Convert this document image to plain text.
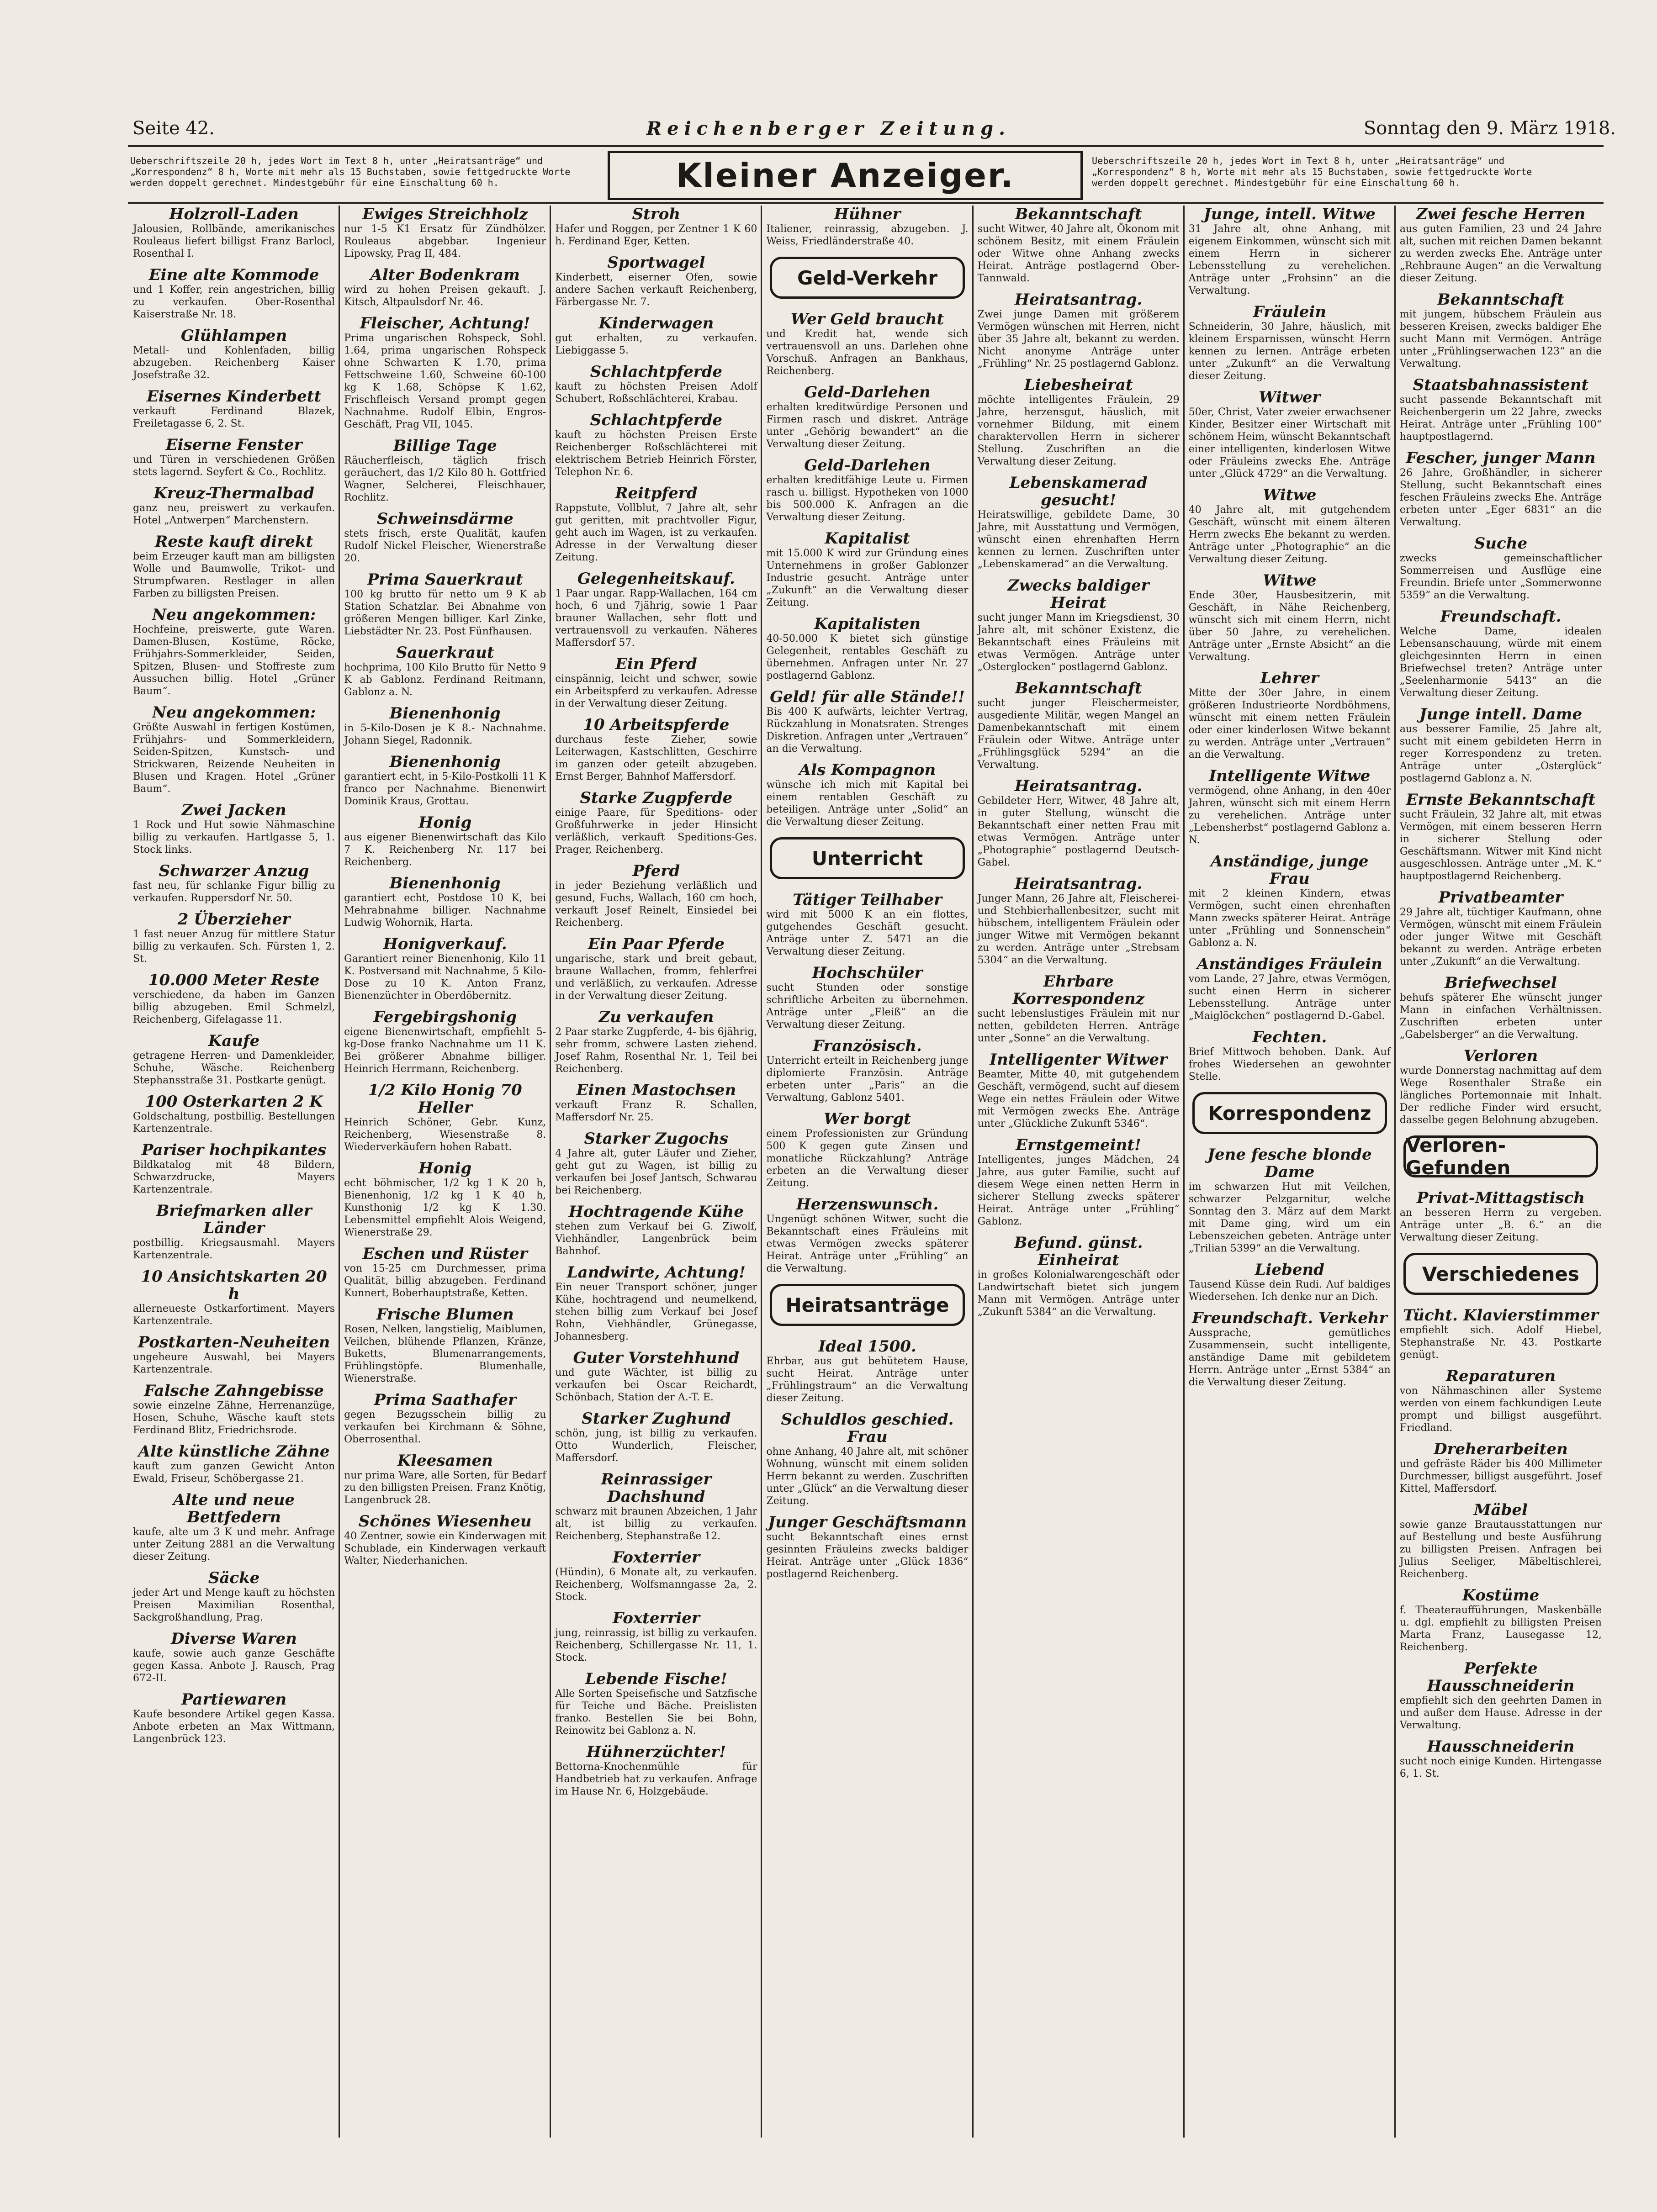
Seite 42.	Reichenberger Zeitung.	Sonntag den 9. März 1918.
Ueberschriftszeile 20 h, jedes Wort im Text 8 h, unter „Heiratsanträge“ und „Korrespondenz“ 8 h, Worte mit mehr als 15 Buchstaben, sowie fettgedruckte Worte werden doppelt gerechnet. Mindestgebühr für eine Einschaltung 60 h.	Kleiner Anzeiger.	Ueberschriftszeile 20 h, jedes Wort im Text 8 h, unter „Heiratsanträge“ und „Korrespondenz“ 8 h, Worte mit mehr als 15 Buchstaben, sowie fettgedruckte Worte werden doppelt gerechnet. Mindestgebühr für eine Einschaltung 60 h.
Holzroll-Laden
Jalousien, Rollbände, amerikanisches Rouleaus liefert billigst Franz Barlocl, Rosenthal I.
Eine alte Kommode
und 1 Koffer, rein angestrichen, billig zu verkaufen. Ober-Rosenthal Kaiserstraße Nr. 18.
Glühlampen
Metall- und Kohlenfaden, billig abzugeben. Reichenberg Kaiser Josefstraße 32.
Eisernes Kinderbett
verkauft Ferdinand Blazek, Freiletagasse 6, 2. St.
Eiserne Fenster
und Türen in verschiedenen Größen stets lagernd. Seyfert & Co., Rochlitz.
Kreuz-Thermalbad
ganz neu, preiswert zu verkaufen. Hotel „Antwerpen“ Marchenstern.
Reste kauft direkt
beim Erzeuger kauft man am billigsten Wolle und Baumwolle, Trikot- und Strumpfwaren. Restlager in allen Farben zu billigsten Preisen.
Neu angekommen:
Hochfeine, preiswerte, gute Waren. Damen-Blusen, Kostüme, Röcke, Frühjahrs-Sommerkleider, Seiden, Spitzen, Blusen- und Stoffreste zum Aussuchen billig. Hotel „Grüner Baum“.
Neu angekommen:
Größte Auswahl in fertigen Kostümen, Frühjahrs- und Sommerkleidern, Seiden-Spitzen, Kunstsch- und Strickwaren, Reizende Neuheiten in Blusen und Kragen. Hotel „Grüner Baum“.
Zwei Jacken
1 Rock und Hut sowie Nähmaschine billig zu verkaufen. Hartlgasse 5, 1. Stock links.
Schwarzer Anzug
fast neu, für schlanke Figur billig zu verkaufen. Ruppersdorf Nr. 50.
2 Überzieher
1 fast neuer Anzug für mittlere Statur billig zu verkaufen. Sch. Fürsten 1, 2. St.
10.000 Meter Reste
verschiedene, da haben im Ganzen billig abzugeben. Emil Schmelzl, Reichenberg, Gifelagasse 11.
Kaufe
getragene Herren- und Damenkleider, Schuhe, Wäsche. Reichenberg Stephansstraße 31. Postkarte genügt.
100 Osterkarten 2 K
Goldschaltung, postbillig. Bestellungen Kartenzentrale.
Pariser hochpikantes
Bildkatalog mit 48 Bildern, Schwarzdrucke, Mayers Kartenzentrale.
Briefmarken aller Länder
postbillig. Kriegsausmahl. Mayers Kartenzentrale.
10 Ansichtskarten 20 h
allerneueste Ostkarfortiment. Mayers Kartenzentrale.
Postkarten-Neuheiten
ungeheure Auswahl, bei Mayers Kartenzentrale.
Falsche Zahngebisse
sowie einzelne Zähne, Herrenanzüge, Hosen, Schuhe, Wäsche kauft stets Ferdinand Blitz, Friedrichsrode.
Alte künstliche Zähne
kauft zum ganzen Gewicht Anton Ewald, Friseur, Schöbergasse 21.
Alte und neue Bettfedern
kaufe, alte um 3 K und mehr. Anfrage unter Zeitung 2881 an die Verwaltung dieser Zeitung.
Säcke
jeder Art und Menge kauft zu höchsten Preisen Maximilian Rosenthal, Sackgroßhandlung, Prag.
Diverse Waren
kaufe, sowie auch ganze Geschäfte gegen Kassa. Anbote J. Rausch, Prag 672-II.
Partiewaren
Kaufe besondere Artikel gegen Kassa. Anbote erbeten an Max Wittmann, Langenbrück 123.
Ewiges Streichholz
nur 1-5 K1 Ersatz für Zündhölzer. Rouleaus abgebbar. Ingenieur Lipowsky, Prag II, 484.
Alter Bodenkram
wird zu hohen Preisen gekauft. J. Kitsch, Altpaulsdorf Nr. 46.
Fleischer, Achtung!
Prima ungarischen Rohspeck, Sohl. 1.64, prima ungarischen Rohspeck ohne Schwarten K 1.70, prima Fettschweine 1.60, Schweine 60-100 kg K 1.68, Schöpse K 1.62, Frischfleisch Versand prompt gegen Nachnahme. Rudolf Elbin, Engros-Geschäft, Prag VII, 1045.
Billige Tage
Räucherfleisch, täglich frisch geräuchert, das 1/2 Kilo 80 h. Gottfried Wagner, Selcherei, Fleischhauer, Rochlitz.
Schweinsdärme
stets frisch, erste Qualität, kaufen Rudolf Nickel Fleischer, Wienerstraße 20.
Prima Sauerkraut
100 kg brutto für netto um 9 K ab Station Schatzlar. Bei Abnahme von größeren Mengen billiger. Karl Zinke, Liebstädter Nr. 23. Post Fünfhausen.
Sauerkraut
hochprima, 100 Kilo Brutto für Netto 9 K ab Gablonz. Ferdinand Reitmann, Gablonz a. N.
Bienenhonig
in 5-Kilo-Dosen je K 8.- Nachnahme. Johann Siegel, Radonnik.
Bienenhonig
garantiert echt, in 5-Kilo-Postkolli 11 K franco per Nachnahme. Bienenwirt Dominik Kraus, Grottau.
Honig
aus eigener Bienenwirtschaft das Kilo 7 K. Reichenberg Nr. 117 bei Reichenberg.
Bienenhonig
garantiert echt, Postdose 10 K, bei Mehrabnahme billiger. Nachnahme Ludwig Wohornik, Harta.
Honigverkauf.
Garantiert reiner Bienenhonig, Kilo 11 K. Postversand mit Nachnahme, 5 Kilo-Dose zu 10 K. Anton Franz, Bienenzüchter in Oberdöbernitz.
Fergebirgshonig
eigene Bienenwirtschaft, empfiehlt 5-kg-Dose franko Nachnahme um 11 K. Bei größerer Abnahme billiger. Heinrich Herrmann, Reichenberg.
1/2 Kilo Honig 70 Heller
Heinrich Schöner, Gebr. Kunz, Reichenberg, Wiesenstraße 8. Wiederverkäufern hohen Rabatt.
Honig
echt böhmischer, 1/2 kg 1 K 20 h, Bienenhonig, 1/2 kg 1 K 40 h, Kunsthonig 1/2 kg K 1.30. Lebensmittel empfiehlt Alois Weigend, Wienerstraße 29.
Eschen und Rüster
von 15-25 cm Durchmesser, prima Qualität, billig abzugeben. Ferdinand Kunnert, Boberhauptstraße, Ketten.
Frische Blumen
Rosen, Nelken, langstielig, Maiblumen, Veilchen, blühende Pflanzen, Kränze, Buketts, Blumenarrangements, Frühlingstöpfe. Blumenhalle, Wienerstraße.
Prima Saathafer
gegen Bezugsschein billig zu verkaufen bei Kirchmann & Söhne, Oberrosenthal.
Kleesamen
nur prima Ware, alle Sorten, für Bedarf zu den billigsten Preisen. Franz Knötig, Langenbruck 28.
Schönes Wiesenheu
40 Zentner, sowie ein Kinderwagen mit Schublade, ein Kinderwagen verkauft Walter, Niederhanichen.
Stroh
Hafer und Roggen, per Zentner 1 K 60 h. Ferdinand Eger, Ketten.
Sportwagel
Kinderbett, eiserner Ofen, sowie andere Sachen verkauft Reichenberg, Färbergasse Nr. 7.
Kinderwagen
gut erhalten, zu verkaufen. Liebiggasse 5.
Schlachtpferde
kauft zu höchsten Preisen Adolf Schubert, Roßschlächterei, Krabau.
Schlachtpferde
kauft zu höchsten Preisen Erste Reichenberger Roßschlächterei mit elektrischem Betrieb Heinrich Förster, Telephon Nr. 6.
Reitpferd
Rappstute, Vollblut, 7 Jahre alt, sehr gut geritten, mit prachtvoller Figur, geht auch im Wagen, ist zu verkaufen. Adresse in der Verwaltung dieser Zeitung.
Gelegenheitskauf.
1 Paar ungar. Rapp-Wallachen, 164 cm hoch, 6 und 7jährig, sowie 1 Paar brauner Wallachen, sehr flott und vertrauensvoll zu verkaufen. Näheres Maffersdorf 57.
Ein Pferd
einspännig, leicht und schwer, sowie ein Arbeitspferd zu verkaufen. Adresse in der Verwaltung dieser Zeitung.
10 Arbeitspferde
durchaus feste Zieher, sowie Leiterwagen, Kastschlitten, Geschirre im ganzen oder geteilt abzugeben. Ernst Berger, Bahnhof Maffersdorf.
Starke Zugpferde
einige Paare, für Speditions- oder Großfuhrwerke in jeder Hinsicht verläßlich, verkauft Speditions-Ges. Prager, Reichenberg.
Pferd
in jeder Beziehung verläßlich und gesund, Fuchs, Wallach, 160 cm hoch, verkauft Josef Reinelt, Einsiedel bei Reichenberg.
Ein Paar Pferde
ungarische, stark und breit gebaut, braune Wallachen, fromm, fehlerfrei und verläßlich, zu verkaufen. Adresse in der Verwaltung dieser Zeitung.
Zu verkaufen
2 Paar starke Zugpferde, 4- bis 6jährig, sehr fromm, schwere Lasten ziehend. Josef Rahm, Rosenthal Nr. 1, Teil bei Reichenberg.
Einen Mastochsen
verkauft Franz R. Schallen, Maffersdorf Nr. 25.
Starker Zugochs
4 Jahre alt, guter Läufer und Zieher, geht gut zu Wagen, ist billig zu verkaufen bei Josef Jantsch, Schwarau bei Reichenberg.
Hochtragende Kühe
stehen zum Verkauf bei G. Ziwolf, Viehhändler, Langenbrück beim Bahnhof.
Landwirte, Achtung!
Ein neuer Transport schöner, junger Kühe, hochtragend und neumelkend, stehen billig zum Verkauf bei Josef Rohn, Viehhändler, Grünegasse, Johannesberg.
Guter Vorstehhund
und gute Wächter, ist billig zu verkaufen bei Oscar Reichardt, Schönbach, Station der A.-T. E.
Starker Zughund
schön, jung, ist billig zu verkaufen. Otto Wunderlich, Fleischer, Maffersdorf.
Reinrassiger Dachshund
schwarz mit braunen Abzeichen, 1 Jahr alt, ist billig zu verkaufen. Reichenberg, Stephanstraße 12.
Foxterrier
(Hündin), 6 Monate alt, zu verkaufen. Reichenberg, Wolfsmanngasse 2a, 2. Stock.
Foxterrier
jung, reinrassig, ist billig zu verkaufen. Reichenberg, Schillergasse Nr. 11, 1. Stock.
Lebende Fische!
Alle Sorten Speisefische und Satzfische für Teiche und Bäche. Preislisten franko. Bestellen Sie bei Bohn, Reinowitz bei Gablonz a. N.
Hühnerzüchter!
Bettorna-Knochenmühle für Handbetrieb hat zu verkaufen. Anfrage im Hause Nr. 6, Holzgebäude.
Hühner
Italiener, reinrassig, abzugeben. J. Weiss, Friedländerstraße 40.
Geld-Verkehr
Wer Geld braucht
und Kredit hat, wende sich vertrauensvoll an uns. Darlehen ohne Vorschuß. Anfragen an Bankhaus, Reichenberg.
Geld-Darlehen
erhalten kreditwürdige Personen und Firmen rasch und diskret. Anträge unter „Gehörig bewandert“ an die Verwaltung dieser Zeitung.
Geld-Darlehen
erhalten kreditfähige Leute u. Firmen rasch u. billigst. Hypotheken von 1000 bis 500.000 K. Anfragen an die Verwaltung dieser Zeitung.
Kapitalist
mit 15.000 K wird zur Gründung eines Unternehmens in großer Gablonzer Industrie gesucht. Anträge unter „Zukunft“ an die Verwaltung dieser Zeitung.
Kapitalisten
40-50.000 K bietet sich günstige Gelegenheit, rentables Geschäft zu übernehmen. Anfragen unter Nr. 27 postlagernd Gablonz.
Geld! für alle Stände!!
Bis 400 K aufwärts, leichter Vertrag, Rückzahlung in Monatsraten. Strenges Diskretion. Anfragen unter „Vertrauen“ an die Verwaltung.
Als Kompagnon
wünsche ich mich mit Kapital bei einem rentablen Geschäft zu beteiligen. Anträge unter „Solid“ an die Verwaltung dieser Zeitung.
Unterricht
Tätiger Teilhaber
wird mit 5000 K an ein flottes, gutgehendes Geschäft gesucht. Anträge unter Z. 5471 an die Verwaltung dieser Zeitung.
Hochschüler
sucht Stunden oder sonstige schriftliche Arbeiten zu übernehmen. Anträge unter „Fleiß“ an die Verwaltung dieser Zeitung.
Französisch.
Unterricht erteilt in Reichenberg junge diplomierte Französin. Anträge erbeten unter „Paris“ an die Verwaltung, Gablonz 5401.
Wer borgt
einem Professionisten zur Gründung 500 K gegen gute Zinsen und monatliche Rückzahlung? Anträge erbeten an die Verwaltung dieser Zeitung.
Herzenswunsch.
Ungenügt schönen Witwer, sucht die Bekanntschaft eines Fräuleins mit etwas Vermögen zwecks späterer Heirat. Anträge unter „Frühling“ an die Verwaltung.
Heiratsanträge
Ideal 1500.
Ehrbar, aus gut behütetem Hause, sucht Heirat. Anträge unter „Frühlingstraum“ an die Verwaltung dieser Zeitung.
Schuldlos geschied. Frau
ohne Anhang, 40 Jahre alt, mit schöner Wohnung, wünscht mit einem soliden Herrn bekannt zu werden. Zuschriften unter „Glück“ an die Verwaltung dieser Zeitung.
Junger Geschäftsmann
sucht Bekanntschaft eines ernst gesinnten Fräuleins zwecks baldiger Heirat. Anträge unter „Glück 1836“ postlagernd Reichenberg.
Bekanntschaft
sucht Witwer, 40 Jahre alt, Ökonom mit schönem Besitz, mit einem Fräulein oder Witwe ohne Anhang zwecks Heirat. Anträge postlagernd Ober-Tannwald.
Heiratsantrag.
Zwei junge Damen mit größerem Vermögen wünschen mit Herren, nicht über 35 Jahre alt, bekannt zu werden. Nicht anonyme Anträge unter „Frühling“ Nr. 25 postlagernd Gablonz.
Liebesheirat
möchte intelligentes Fräulein, 29 Jahre, herzensgut, häuslich, mit vornehmer Bildung, mit einem charaktervollen Herrn in sicherer Stellung. Zuschriften an die Verwaltung dieser Zeitung.
Lebenskamerad gesucht!
Heiratswillige, gebildete Dame, 30 Jahre, mit Ausstattung und Vermögen, wünscht einen ehrenhaften Herrn kennen zu lernen. Zuschriften unter „Lebenskamerad“ an die Verwaltung.
Zwecks baldiger Heirat
sucht junger Mann im Kriegsdienst, 30 Jahre alt, mit schöner Existenz, die Bekanntschaft eines Fräuleins mit etwas Vermögen. Anträge unter „Osterglocken“ postlagernd Gablonz.
Bekanntschaft
sucht junger Fleischermeister, ausgediente Militär, wegen Mangel an Damenbekanntschaft mit einem Fräulein oder Witwe. Anträge unter „Frühlingsglück 5294“ an die Verwaltung.
Heiratsantrag.
Gebildeter Herr, Witwer, 48 Jahre alt, in guter Stellung, wünscht die Bekanntschaft einer netten Frau mit etwas Vermögen. Anträge unter „Photographie“ postlagernd Deutsch-Gabel.
Heiratsantrag.
Junger Mann, 26 Jahre alt, Fleischerei- und Stehbierhallenbesitzer, sucht mit hübschem, intelligentem Fräulein oder junger Witwe mit Vermögen bekannt zu werden. Anträge unter „Strebsam 5304“ an die Verwaltung.
Ehrbare Korrespondenz
sucht lebenslustiges Fräulein mit nur netten, gebildeten Herren. Anträge unter „Sonne“ an die Verwaltung.
Intelligenter Witwer
Beamter, Mitte 40, mit gutgehendem Geschäft, vermögend, sucht auf diesem Wege ein nettes Fräulein oder Witwe mit Vermögen zwecks Ehe. Anträge unter „Glückliche Zukunft 5346“.
Ernstgemeint!
Intelligentes, junges Mädchen, 24 Jahre, aus guter Familie, sucht auf diesem Wege einen netten Herrn in sicherer Stellung zwecks späterer Heirat. Anträge unter „Frühling“ Gablonz.
Befund. günst. Einheirat
in großes Kolonialwarengeschäft oder Landwirtschaft bietet sich jungem Mann mit Vermögen. Anträge unter „Zukunft 5384“ an die Verwaltung.
Junge, intell. Witwe
31 Jahre alt, ohne Anhang, mit eigenem Einkommen, wünscht sich mit einem Herrn in sicherer Lebensstellung zu verehelichen. Anträge unter „Frohsinn“ an die Verwaltung.
Fräulein
Schneiderin, 30 Jahre, häuslich, mit kleinem Ersparnissen, wünscht Herrn kennen zu lernen. Anträge erbeten unter „Zukunft“ an die Verwaltung dieser Zeitung.
Witwer
50er, Christ, Vater zweier erwachsener Kinder, Besitzer einer Wirtschaft mit schönem Heim, wünscht Bekanntschaft einer intelligenten, kinderlosen Witwe oder Fräuleins zwecks Ehe. Anträge unter „Glück 4729“ an die Verwaltung.
Witwe
40 Jahre alt, mit gutgehendem Geschäft, wünscht mit einem älteren Herrn zwecks Ehe bekannt zu werden. Anträge unter „Photographie“ an die Verwaltung dieser Zeitung.
Witwe
Ende 30er, Hausbesitzerin, mit Geschäft, in Nähe Reichenberg, wünscht sich mit einem Herrn, nicht über 50 Jahre, zu verehelichen. Anträge unter „Ernste Absicht“ an die Verwaltung.
Lehrer
Mitte der 30er Jahre, in einem größeren Industrieorte Nordböhmens, wünscht mit einem netten Fräulein oder einer kinderlosen Witwe bekannt zu werden. Anträge unter „Vertrauen“ an die Verwaltung.
Intelligente Witwe
vermögend, ohne Anhang, in den 40er Jahren, wünscht sich mit einem Herrn zu verehelichen. Anträge unter „Lebensherbst“ postlagernd Gablonz a. N.
Anständige, junge Frau
mit 2 kleinen Kindern, etwas Vermögen, sucht einen ehrenhaften Mann zwecks späterer Heirat. Anträge unter „Frühling und Sonnenschein“ Gablonz a. N.
Anständiges Fräulein
vom Lande, 27 Jahre, etwas Vermögen, sucht einen Herrn in sicherer Lebensstellung. Anträge unter „Maiglöckchen“ postlagernd D.-Gabel.
Fechten.
Brief Mittwoch behoben. Dank. Auf frohes Wiedersehen an gewohnter Stelle.
Korrespondenz
Jene fesche blonde Dame
im schwarzen Hut mit Veilchen, schwarzer Pelzgarnitur, welche Sonntag den 3. März auf dem Markt mit Dame ging, wird um ein Lebenszeichen gebeten. Anträge unter „Trilian 5399“ an die Verwaltung.
Liebend
Tausend Küsse dein Rudi. Auf baldiges Wiedersehen. Ich denke nur an Dich.
Freundschaft. Verkehr
Aussprache, gemütliches Zusammensein, sucht intelligente, anständige Dame mit gebildetem Herrn. Anträge unter „Ernst 5384“ an die Verwaltung dieser Zeitung.
Zwei fesche Herren
aus guten Familien, 23 und 24 Jahre alt, suchen mit reichen Damen bekannt zu werden zwecks Ehe. Anträge unter „Rehbraune Augen“ an die Verwaltung dieser Zeitung.
Bekanntschaft
mit jungem, hübschem Fräulein aus besseren Kreisen, zwecks baldiger Ehe sucht Mann mit Vermögen. Anträge unter „Frühlingserwachen 123“ an die Verwaltung.
Staatsbahnassistent
sucht passende Bekanntschaft mit Reichenbergerin um 22 Jahre, zwecks Heirat. Anträge unter „Frühling 100“ hauptpostlagernd.
Fescher, junger Mann
26 Jahre, Großhändler, in sicherer Stellung, sucht Bekanntschaft eines feschen Fräuleins zwecks Ehe. Anträge erbeten unter „Eger 6831“ an die Verwaltung.
Suche
zwecks gemeinschaftlicher Sommerreisen und Ausflüge eine Freundin. Briefe unter „Sommerwonne 5359“ an die Verwaltung.
Freundschaft.
Welche Dame, idealen Lebensanschauung, würde mit einem gleichgesinnten Herrn in einen Briefwechsel treten? Anträge unter „Seelenharmonie 5413“ an die Verwaltung dieser Zeitung.
Junge intell. Dame
aus besserer Familie, 25 Jahre alt, sucht mit einem gebildeten Herrn in reger Korrespondenz zu treten. Anträge unter „Osterglück“ postlagernd Gablonz a. N.
Ernste Bekanntschaft
sucht Fräulein, 32 Jahre alt, mit etwas Vermögen, mit einem besseren Herrn in sicherer Stellung oder Geschäftsmann. Witwer mit Kind nicht ausgeschlossen. Anträge unter „M. K.“ hauptpostlagernd Reichenberg.
Privatbeamter
29 Jahre alt, tüchtiger Kaufmann, ohne Vermögen, wünscht mit einem Fräulein oder junger Witwe mit Geschäft bekannt zu werden. Anträge erbeten unter „Zukunft“ an die Verwaltung.
Briefwechsel
behufs späterer Ehe wünscht junger Mann in einfachen Verhältnissen. Zuschriften erbeten unter „Gabelsberger“ an die Verwaltung.
Verloren
wurde Donnerstag nachmittag auf dem Wege Rosenthaler Straße ein längliches Portemonnaie mit Inhalt. Der redliche Finder wird ersucht, dasselbe gegen Belohnung abzugeben.
Verloren-Gefunden
Privat-Mittagstisch
an besseren Herrn zu vergeben. Anträge unter „B. 6.“ an die Verwaltung dieser Zeitung.
Verschiedenes
Tücht. Klavierstimmer
empfiehlt sich. Adolf Hiebel, Stephanstraße Nr. 43. Postkarte genügt.
Reparaturen
von Nähmaschinen aller Systeme werden von einem fachkundigen Leute prompt und billigst ausgeführt. Friedland.
Dreherarbeiten
und gefräste Räder bis 400 Millimeter Durchmesser, billigst ausgeführt. Josef Kittel, Maffersdorf.
Mäbel
sowie ganze Brautausstattungen nur auf Bestellung und beste Ausführung zu billigsten Preisen. Anfragen bei Julius Seeliger, Mäbeltischlerei, Reichenberg.
Kostüme
f. Theateraufführungen, Maskenbälle u. dgl. empfiehlt zu billigsten Preisen Marta Franz, Lausegasse 12, Reichenberg.
Perfekte Hausschneiderin
empfiehlt sich den geehrten Damen in und außer dem Hause. Adresse in der Verwaltung.
Hausschneiderin
sucht noch einige Kunden. Hirtengasse 6, 1. St.
